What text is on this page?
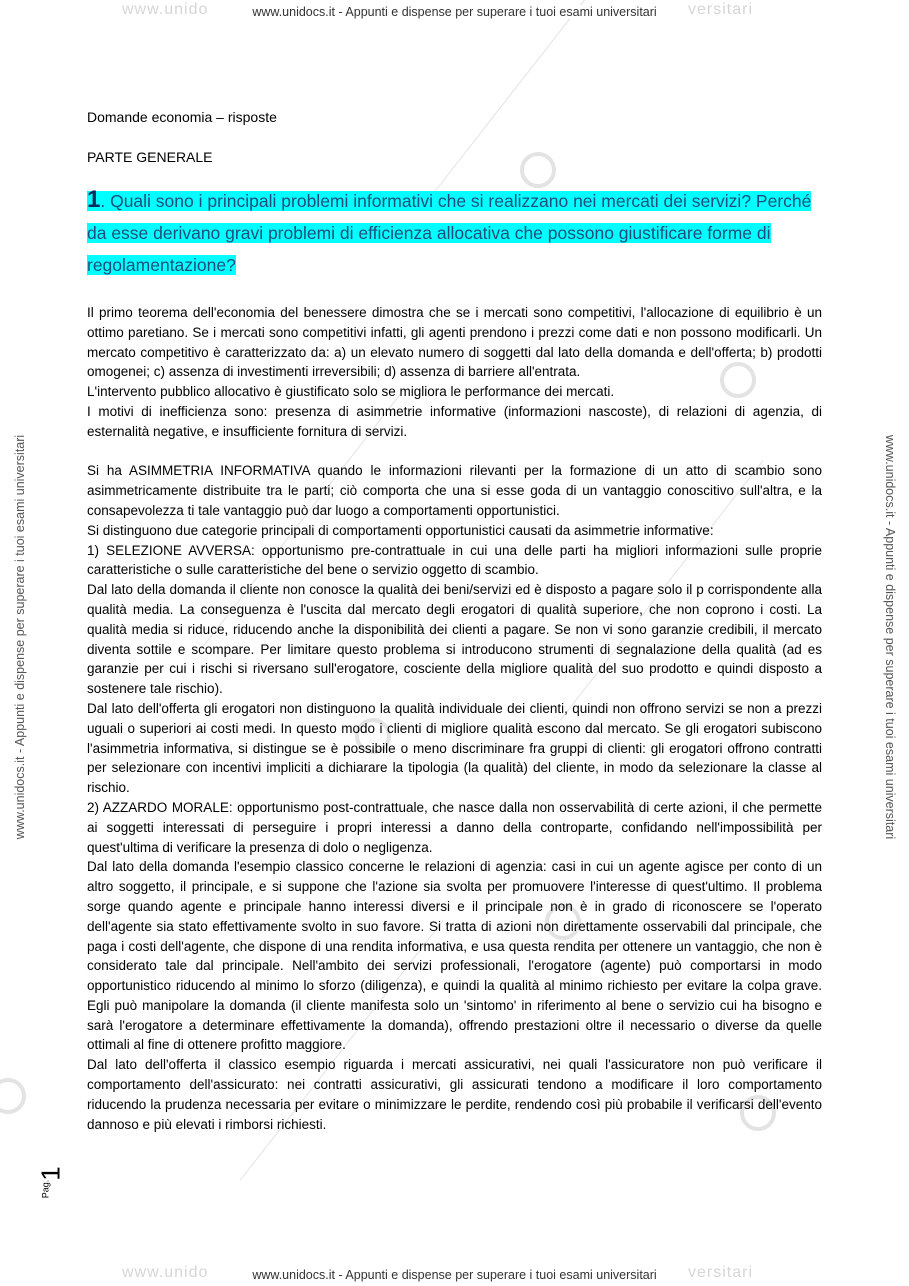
www.unido	www.unidocs.it - Appunti e dispense per superare i tuoi esami universitari versitari
www.unidocs.it - Appunti e dispense per superare i tuoi esami universitari	www.unidocs.it - Appunti e dispense per superare i tuoi esami universitari

Domande economia – risposte

PARTE GENERALE

1. Quali sono i principali problemi informativi che si realizzano nei mercati dei servizi? Perché da esse derivano gravi problemi di efficienza allocativa che possono giustificare forme di regolamentazione?

Il primo teorema dell'economia del benessere dimostra che se i mercati sono competitivi, l'allocazione di equilibrio è un ottimo paretiano. Se i mercati sono competitivi infatti, gli agenti prendono i prezzi come dati e non possono modificarli. Un mercato competitivo è caratterizzato da: a) un elevato numero di soggetti dal lato della domanda e dell'offerta; b) prodotti omogenei; c) assenza di investimenti irreversibili; d) assenza di barriere all'entrata.

L'intervento pubblico allocativo è giustificato solo se migliora le performance dei mercati.

I motivi di inefficienza sono: presenza di asimmetrie informative (informazioni nascoste), di relazioni di agenzia, di esternalità negative, e insufficiente fornitura di servizi.

Si ha ASIMMETRIA INFORMATIVA quando le informazioni rilevanti per la formazione di un atto di scambio sono asimmetricamente distribuite tra le parti; ciò comporta che una si esse goda di un vantaggio conoscitivo sull'altra, e la consapevolezza ti tale vantaggio può dar luogo a comportamenti opportunistici.

Si distinguono due categorie principali di comportamenti opportunistici causati da asimmetrie informative:

1) SELEZIONE AVVERSA: opportunismo pre-contrattuale in cui una delle parti ha migliori informazioni sulle proprie caratteristiche o sulle caratteristiche del bene o servizio oggetto di scambio.

Dal lato della domanda il cliente non conosce la qualità dei beni/servizi ed è disposto a pagare solo il p corrispondente alla qualità media. La conseguenza è l'uscita dal mercato degli erogatori di qualità superiore, che non coprono i costi. La qualità media si riduce, riducendo anche la disponibilità dei clienti a pagare. Se non vi sono garanzie credibili, il mercato diventa sottile e scompare. Per limitare questo problema si introducono strumenti di segnalazione della qualità (ad es garanzie per cui i rischi si riversano sull'erogatore, cosciente della migliore qualità del suo prodotto e quindi disposto a sostenere tale rischio).

Dal lato dell'offerta gli erogatori non distinguono la qualità individuale dei clienti, quindi non offrono servizi se non a prezzi uguali o superiori ai costi medi. In questo modo i clienti di migliore qualità escono dal mercato. Se gli erogatori subiscono l'asimmetria informativa, si distingue se è possibile o meno discriminare fra gruppi di clienti: gli erogatori offrono contratti per selezionare con incentivi impliciti a dichiarare la tipologia (la qualità) del cliente, in modo da selezionare la classe al rischio.

2) AZZARDO MORALE: opportunismo post-contrattuale, che nasce dalla non osservabilità di certe azioni, il che permette ai soggetti interessati di perseguire i propri interessi a danno della controparte, confidando nell'impossibilità per quest'ultima di verificare la presenza di dolo o negligenza.

Dal lato della domanda l'esempio classico concerne le relazioni di agenzia: casi in cui un agente agisce per conto di un altro soggetto, il principale, e si suppone che l'azione sia svolta per promuovere l'interesse di quest'ultimo. Il problema sorge quando agente e principale hanno interessi diversi e il principale non è in grado di riconoscere se l'operato dell'agente sia stato effettivamente svolto in suo favore. Si tratta di azioni non direttamente osservabili dal principale, che paga i costi dell'agente, che dispone di una rendita informativa, e usa questa rendita per ottenere un vantaggio, che non è considerato tale dal principale. Nell'ambito dei servizi professionali, l'erogatore (agente) può comportarsi in modo opportunistico riducendo al minimo lo sforzo (diligenza), e quindi la qualità al minimo richiesto per evitare la colpa grave. Egli può manipolare la domanda (il cliente manifesta solo un 'sintomo' in riferimento al bene o servizio cui ha bisogno e sarà l'erogatore a determinare effettivamente la domanda), offrendo prestazioni oltre il necessario o diverse da quelle ottimali al fine di ottenere profitto maggiore.

Dal lato dell'offerta il classico esempio riguarda i mercati assicurativi, nei quali l'assicuratore non può verificare il comportamento dell'assicurato: nei contratti assicurativi, gli assicurati tendono a modificare il loro comportamento riducendo la prudenza necessaria per evitare o minimizzare le perdite, rendendo così più probabile il verificarsi dell'evento dannoso e più elevati i rimborsi richiesti.

Pag.
1
www.unido	www.unidocs.it - Appunti e dispense per superare i tuoi esami universitari versitari
